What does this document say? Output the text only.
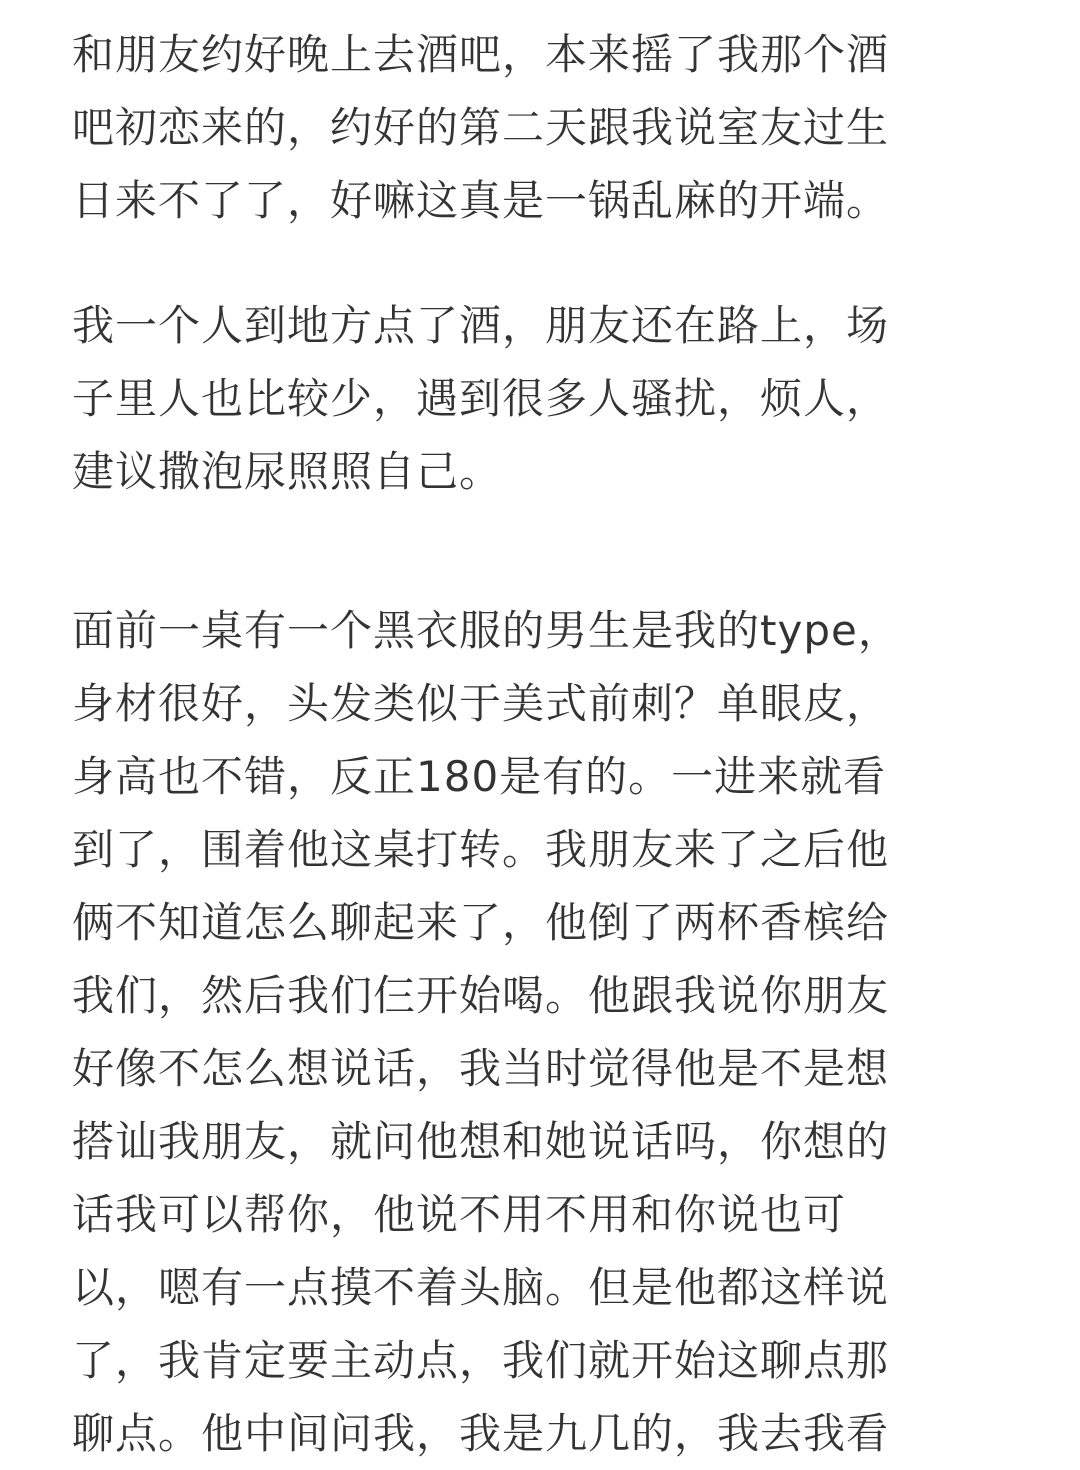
和朋友约好晚上去酒吧，本来摇了我那个酒
吧初恋来的，约好的第二天跟我说室友过生
日来不了了，好嘛这真是一锅乱麻的开端。
我一个人到地方点了酒，朋友还在路上，场
子里人也比较少，遇到很多人骚扰，烦人，
建议撒泡尿照照自己。
面前一桌有一个黑衣服的男生是我的type，
身材很好，头发类似于美式前刺？单眼皮，
身高也不错，反正180是有的。一进来就看
到了，围着他这桌打转。我朋友来了之后他
俩不知道怎么聊起来了，他倒了两杯香槟给
我们，然后我们仨开始喝。他跟我说你朋友
好像不怎么想说话，我当时觉得他是不是想
搭讪我朋友，就问他想和她说话吗，你想的
话我可以帮你，他说不用不用和你说也可
以，嗯有一点摸不着头脑。但是他都这样说
了，我肯定要主动点，我们就开始这聊点那
聊点。他中间问我，我是九几的，我去我看
